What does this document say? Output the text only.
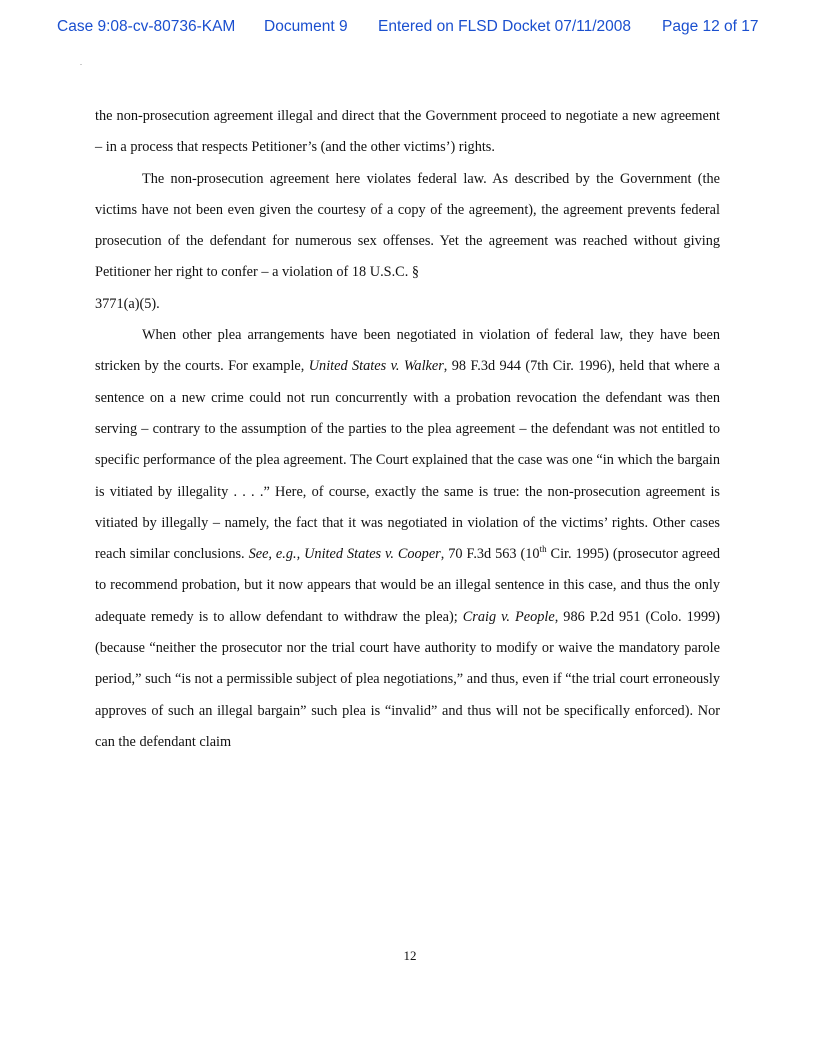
Case 9:08-cv-80736-KAM Document 9 Entered on FLSD Docket 07/11/2008 Page 12 of 17

the non-prosecution agreement illegal and direct that the Government proceed to negotiate a new agreement – in a process that respects Petitioner’s (and the other victims’) rights.

The non-prosecution agreement here violates federal law. As described by the Government (the victims have not been even given the courtesy of a copy of the agreement), the agreement prevents federal prosecution of the defendant for numerous sex offenses. Yet the agreement was reached without giving Petitioner her right to confer – a violation of 18 U.S.C. §

3771(a)(5).

When other plea arrangements have been negotiated in violation of federal law, they have been stricken by the courts. For example, United States v. Walker, 98 F.3d 944 (7th Cir. 1996), held that where a sentence on a new crime could not run concurrently with a probation revocation the defendant was then serving – contrary to the assumption of the parties to the plea agreement – the defendant was not entitled to specific performance of the plea agreement. The Court explained that the case was one “in which the bargain is vitiated by illegality . . . .” Here, of course, exactly the same is true: the non-prosecution agreement is vitiated by illegally – namely, the fact that it was negotiated in violation of the victims’ rights. Other cases reach similar conclusions. See, e.g., United States v. Cooper, 70 F.3d 563 (10th Cir. 1995) (prosecutor agreed to recommend probation, but it now appears that would be an illegal sentence in this case, and thus the only adequate remedy is to allow defendant to withdraw the plea); Craig v. People, 986 P.2d 951 (Colo. 1999) (because “neither the prosecutor nor the trial court have authority to modify or waive the mandatory parole period,” such “is not a permissible subject of plea negotiations,” and thus, even if “the trial court erroneously approves of such an illegal bargain” such plea is “invalid” and thus will not be specifically enforced). Nor can the defendant claim

12
